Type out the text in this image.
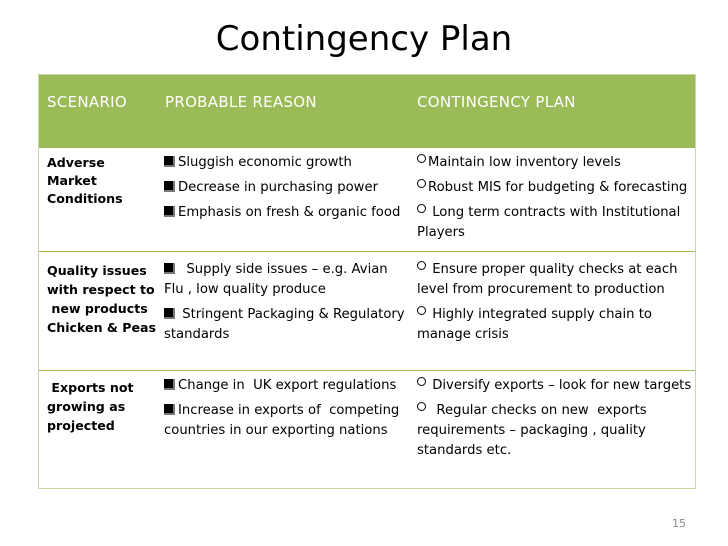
Contingency Plan
SCENARIO	PROBABLE REASON	CONTINGENCY PLAN
Adverse
Market
Conditions
Sluggish economic growth
Decrease in purchasing power
Emphasis on fresh & organic food
Maintain low inventory levels
Robust MIS for budgeting & forecasting
Long term contracts with Institutional
Players
Quality issues
with respect to
new products
Chicken & Peas
Supply side issues – e.g. Avian
Flu , low quality produce
Stringent Packaging & Regulatory
standards
Ensure proper quality checks at each
level from procurement to production
Highly integrated supply chain to
manage crisis
Exports not
growing as
projected
Change in  UK export regulations
Increase in exports of  competing
countries in our exporting nations
Diversify exports – look for new targets
Regular checks on new  exports
requirements – packaging , quality
standards etc.
15
